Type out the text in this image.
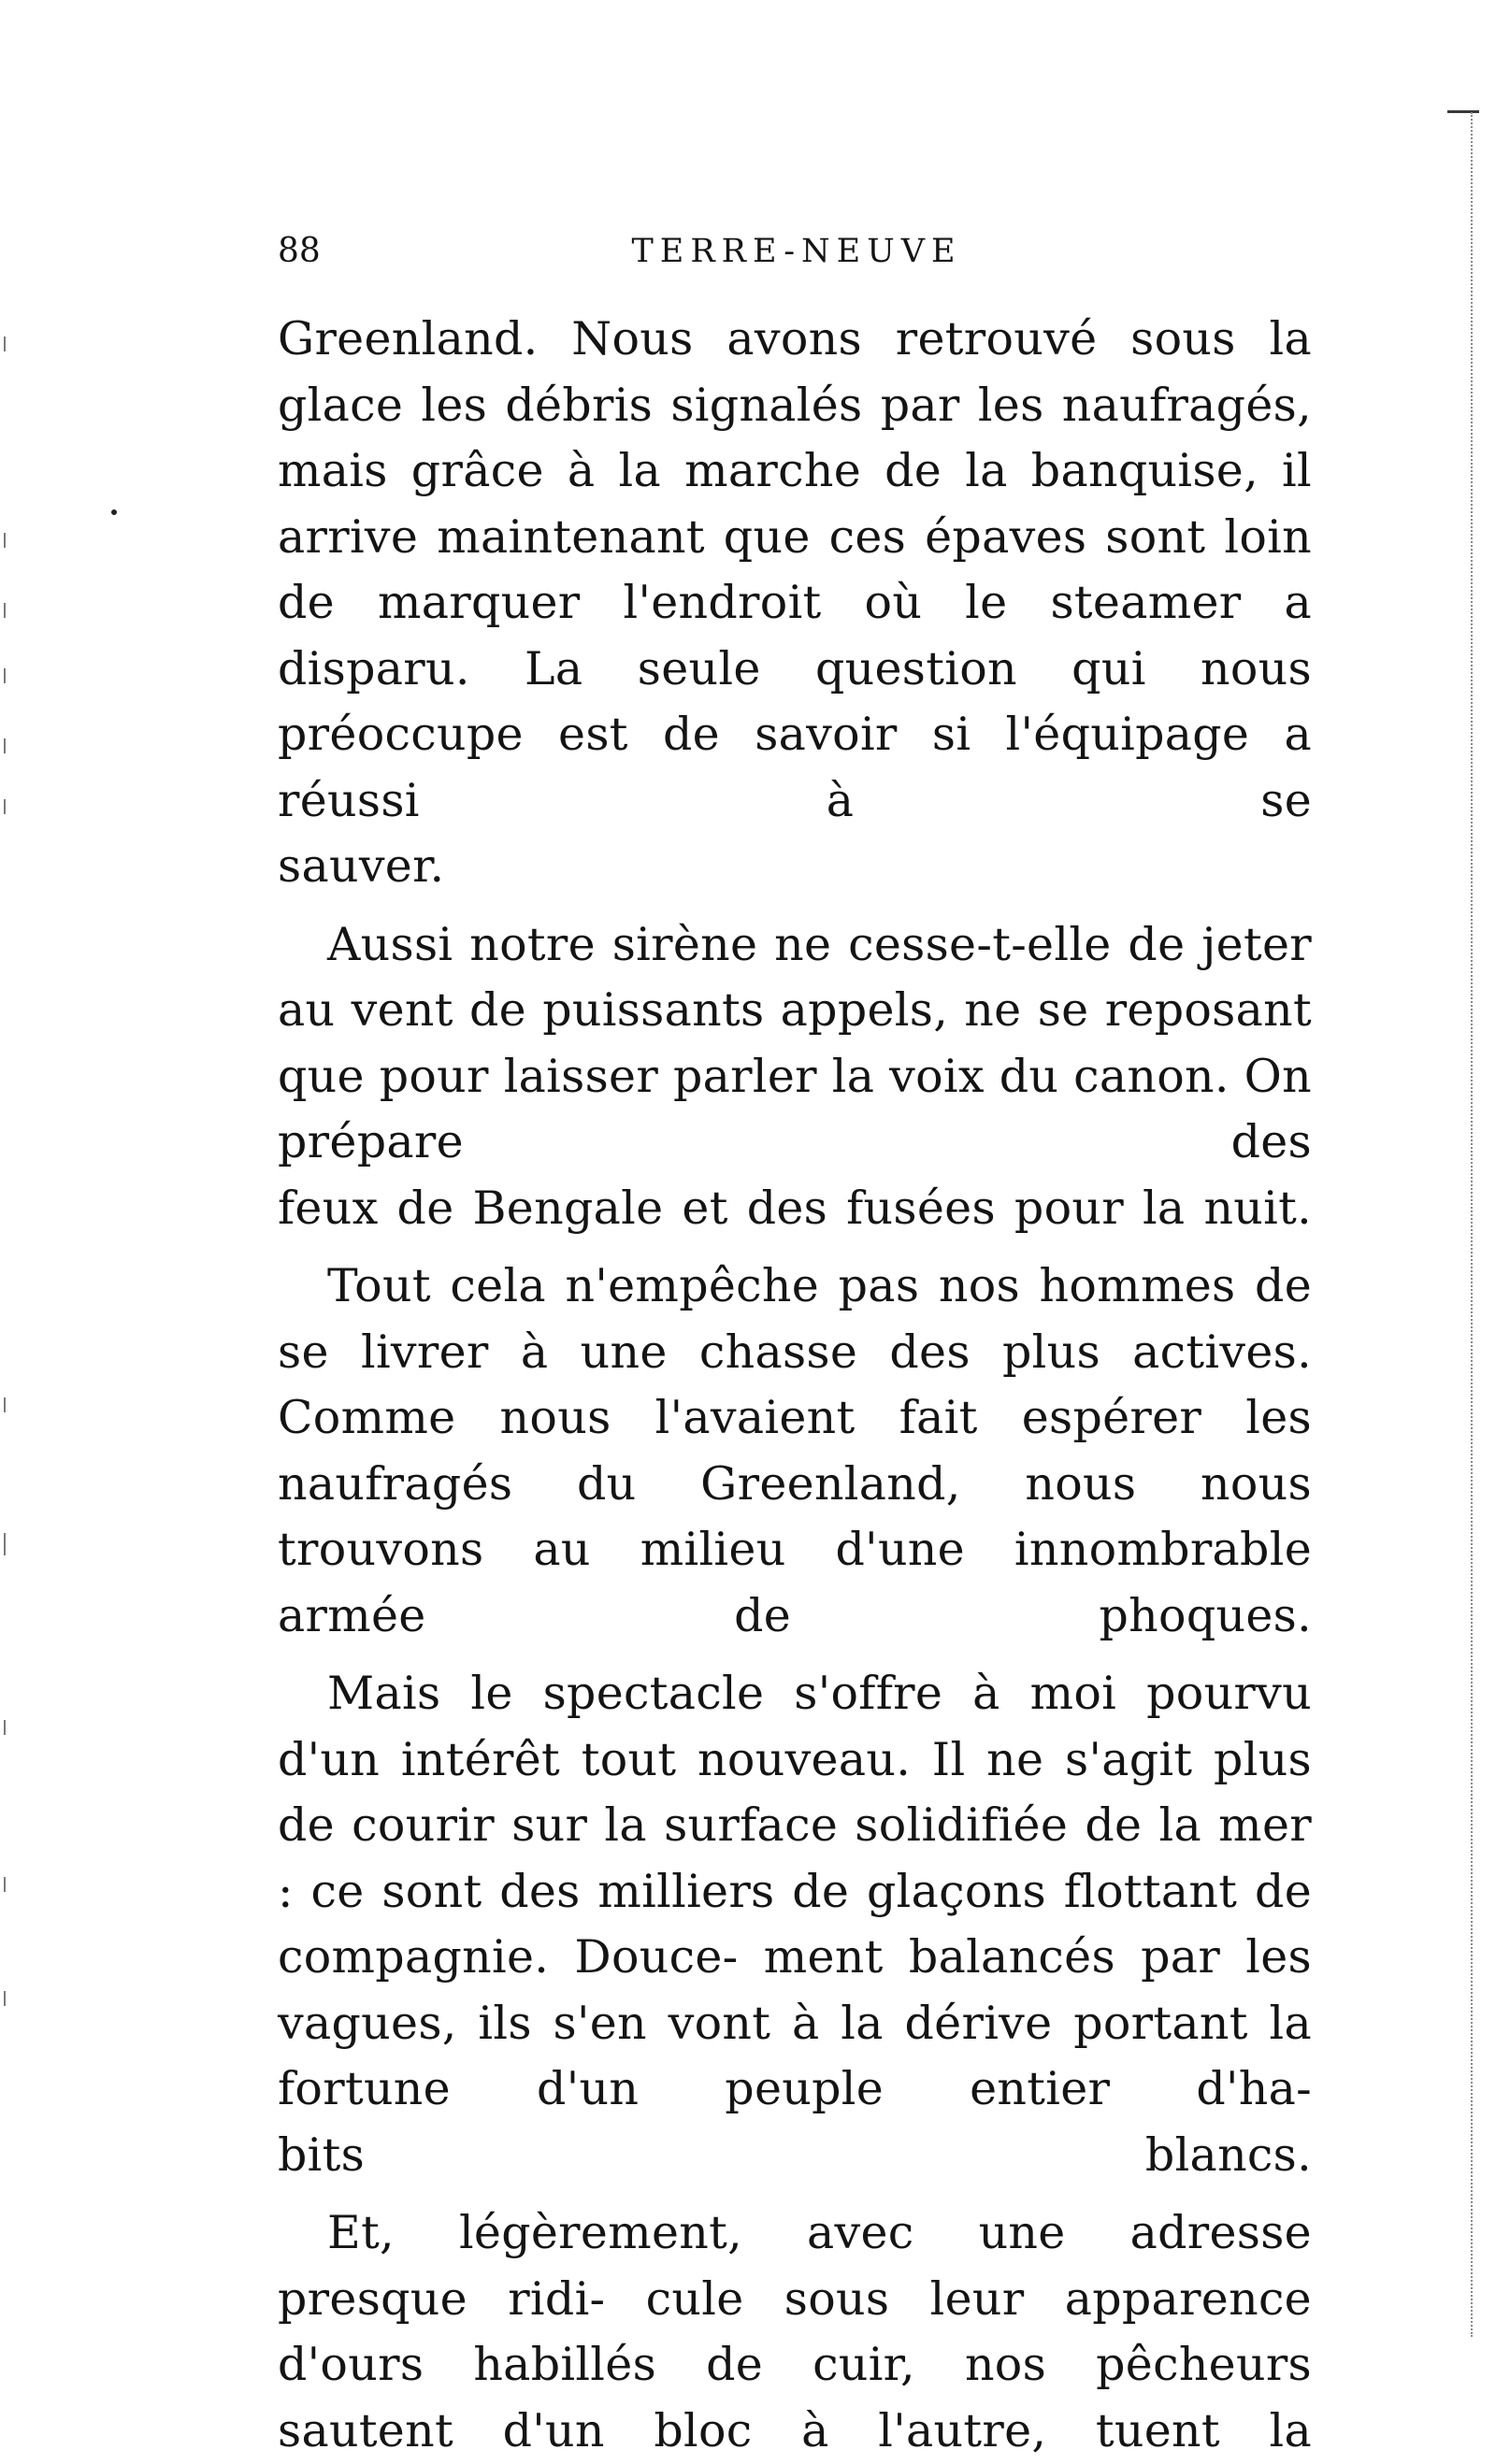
88	TERRE-NEUVE

Greenland. Nous avons retrouvé sous la glace les débris signalés par les naufragés, mais grâce à la marche de la banquise, il arrive maintenant que ces épaves sont loin de marquer l'endroit où le steamer a disparu. La seule question qui nous préoccupe est de savoir si l'équipage a réussi à se
sauver.

Aussi notre sirène ne cesse-t-elle de jeter au vent de puissants appels, ne se reposant que pour laisser parler la voix du canon. On prépare des
feux de Bengale et des fusées pour la nuit.

Tout cela n'empêche pas nos hommes de se livrer à une chasse des plus actives. Comme nous l'avaient fait espérer les naufragés du Greenland, nous nous trouvons au milieu d'une innombrable
armée de phoques.

Mais le spectacle s'offre à moi pourvu d'un intérêt tout nouveau. Il ne s'agit plus de courir sur la surface solidifiée de la mer : ce sont des milliers de glaçons flottant de compagnie. Douce- ment balancés par les vagues, ils s'en vont à la dérive portant la fortune d'un peuple entier d'ha-
bits blancs.

Et, légèrement, avec une adresse presque ridi- cule sous leur apparence d'ours habillés de cuir, nos pêcheurs sautent d'un bloc à l'autre, tuent la
